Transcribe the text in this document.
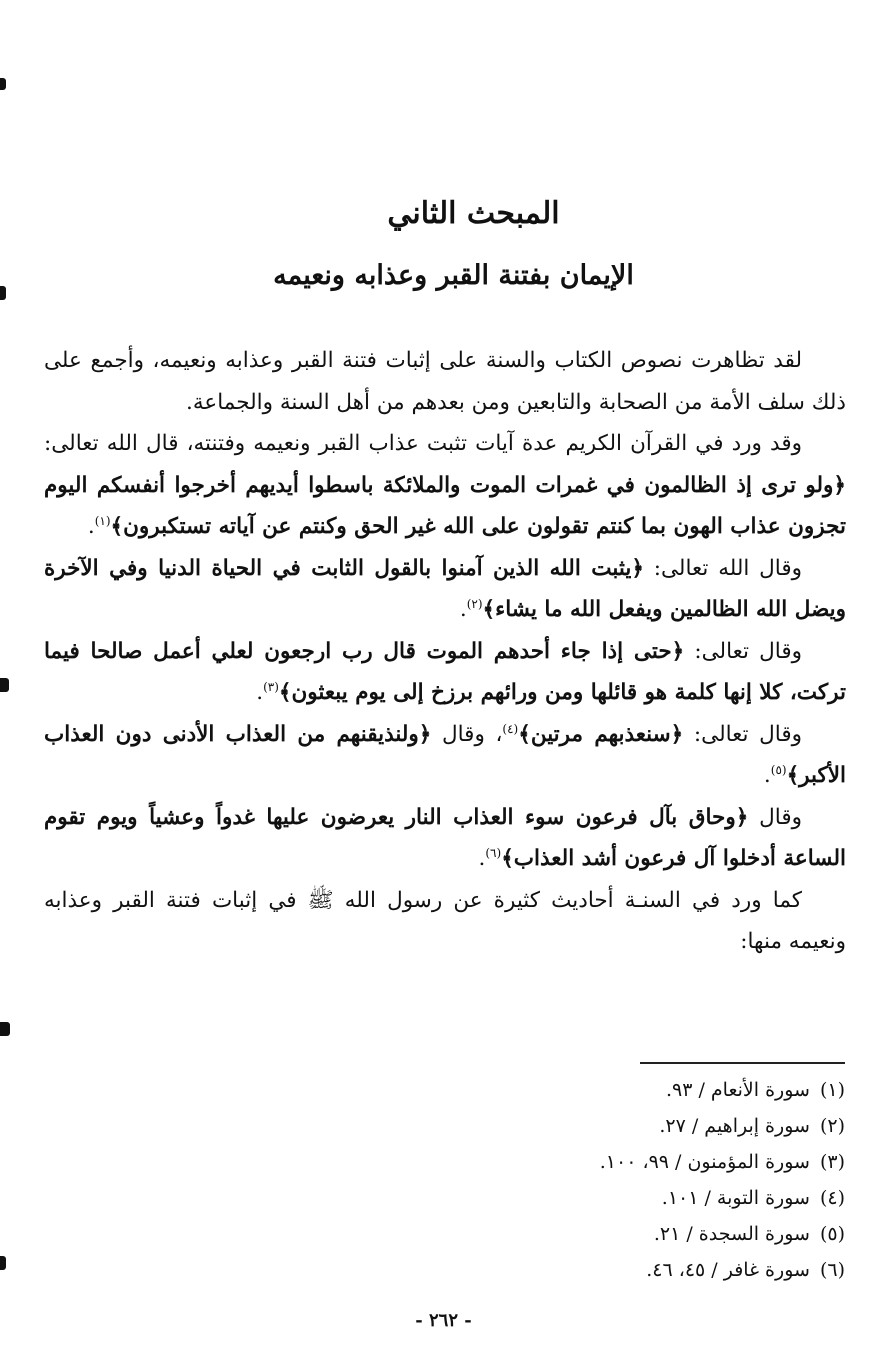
المبحث الثاني
الإيمان بفتنة القبر وعذابه ونعيمه

لقد تظاهرت نصوص الكتاب والسنة على إثبات فتنة القبر وعذابه ونعيمه، وأجمع على ذلك سلف الأمة من الصحابة والتابعين ومن بعدهم من أهل السنة والجماعة.

وقد ورد في القرآن الكريم عدة آيات تثبت عذاب القبر ونعيمه وفتنته، قال الله تعالى: ﴿ولو ترى إذ الظالمون في غمرات الموت والملائكة باسطوا أيديهم أخرجوا أنفسكم اليوم تجزون عذاب الهون بما كنتم تقولون على الله غير الحق وكنتم عن آياته تستكبرون﴾$^{(١)}$.

وقال الله تعالى: ﴿يثبت الله الذين آمنوا بالقول الثابت في الحياة الدنيا وفي الآخرة ويضل الله الظالمين ويفعل الله ما يشاء﴾$^{(٢)}$.

وقال تعالى: ﴿حتى إذا جاء أحدهم الموت قال رب ارجعون لعلي أعمل صالحا فيما تركت، كلا إنها كلمة هو قائلها ومن ورائهم برزخ إلى يوم يبعثون﴾$^{(٣)}$.

وقال تعالى: ﴿سنعذبهم مرتين﴾$^{(٤)}$، وقال ﴿ولنذيقنهم من العذاب الأدنى دون العذاب الأكبر﴾$^{(٥)}$.

وقال ﴿وحاق بآل فرعون سوء العذاب النار يعرضون عليها غدواً وعشياً ويوم تقوم الساعة أدخلوا آل فرعون أشد العذاب﴾$^{(٦)}$.

كما ورد في السنـة أحاديث كثيرة عن رسول الله ﷺ في إثبات فتنة القبر وعذابه ونعيمه منها:

(١)سورة الأنعام / ٩٣.
(٢)سورة إبراهيم / ٢٧.
(٣)سورة المؤمنون / ٩٩، ١٠٠.
(٤)سورة التوبة / ١٠١.
(٥)سورة السجدة / ٢١.
(٦)سورة غافر / ٤٥، ٤٦.
- ٢٦٢ -
